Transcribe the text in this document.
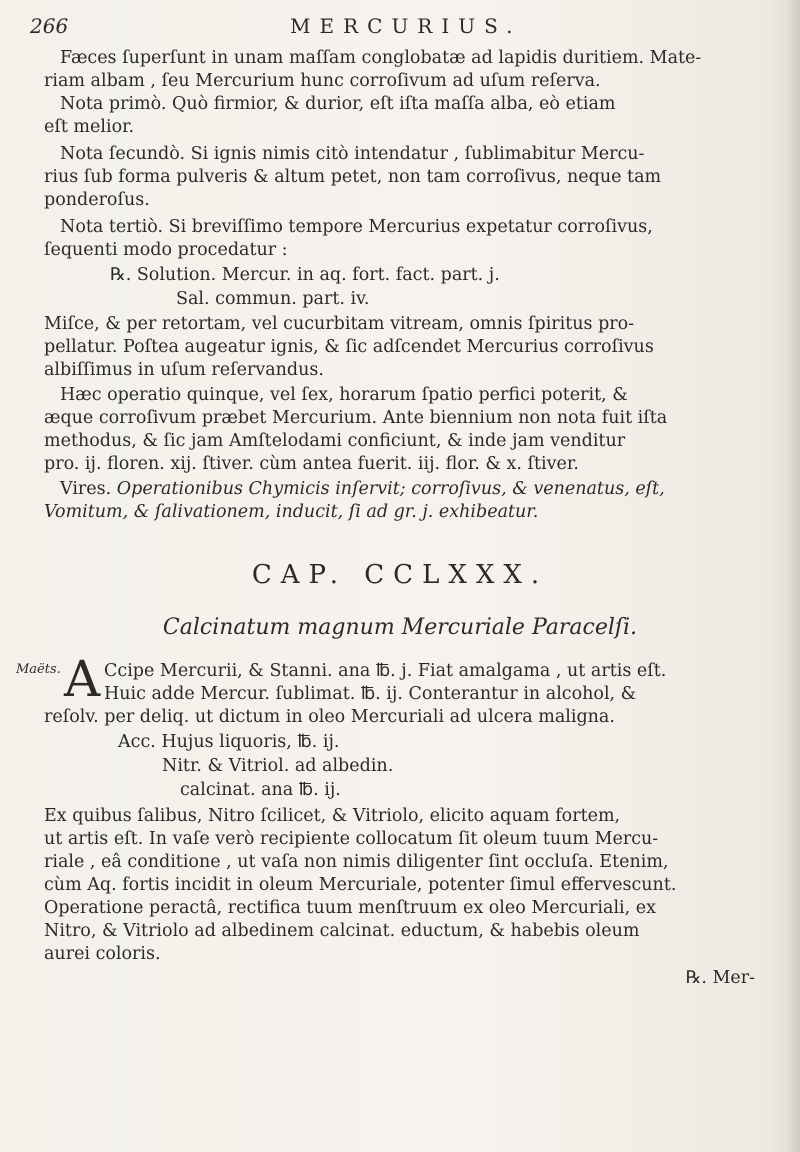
266	MERCURIUS.
Fæces ſuperſunt in unam maſſam conglobatæ ad lapidis duritiem. Mate-
riam albam , ſeu Mercurium hunc corroſivum ad uſum reſerva.
Nota primò. Quò firmior, & durior, eſt iſta maſſa alba, eò etiam
eſt melior.
Nota ſecundò. Si ignis nimis citò intendatur , ſublimabitur Mercu-
rius ſub forma pulveris & altum petet, non tam corroſivus, neque tam
ponderoſus.
Nota tertiò. Si breviſſimo tempore Mercurius expetatur corroſivus,
ſequenti modo procedatur :
℞. Solution. Mercur. in aq. fort. fact. part. j.
Sal. commun. part. iv.
Miſce, & per retortam, vel cucurbitam vitream, omnis ſpiritus pro-
pellatur. Poſtea augeatur ignis, & ſic adſcendet Mercurius corroſivus
albiſſimus in uſum reſervandus.
Hæc operatio quinque, vel ſex, horarum ſpatio perfici poterit, &
æque corroſivum præbet Mercurium. Ante biennium non nota fuit iſta
methodus, & ſic jam Amſtelodami conficiunt, & inde jam venditur
pro. ij. floren. xij. ſtiver. cùm antea fuerit. iij. flor. & x. ſtiver.
Vires. Operationibus Chymicis inſervit; corroſivus, & venenatus, eſt,
Vomitum, & ſalivationem, inducit, ſi ad gr. j. exhibeatur.
CAP. CCLXXX.
Calcinatum magnum Mercuriale Paracelſi.
Maëts. A Ccipe Mercurii, & Stanni. ana ℔. j. Fiat amalgama , ut artis eſt.
Huic adde Mercur. ſublimat. ℔. ij. Conterantur in alcohol, &
reſolv. per deliq. ut dictum in oleo Mercuriali ad ulcera maligna.
Acc. Hujus liquoris, ℔. ij.
Nitr. & Vitriol. ad albedin.
calcinat. ana ℔. ij.
Ex quibus ſalibus, Nitro ſcilicet, & Vitriolo, elicito aquam fortem,
ut artis eſt. In vaſe verò recipiente collocatum ſit oleum tuum Mercu-
riale , eâ conditione , ut vaſa non nimis diligenter ſint occluſa. Etenim,
cùm Aq. fortis incidit in oleum Mercuriale, potenter ſimul effervescunt.
Operatione peractâ, rectifica tuum menſtruum ex oleo Mercuriali, ex
Nitro, & Vitriolo ad albedinem calcinat. eductum, & habebis oleum
aurei coloris.
℞. Mer-
